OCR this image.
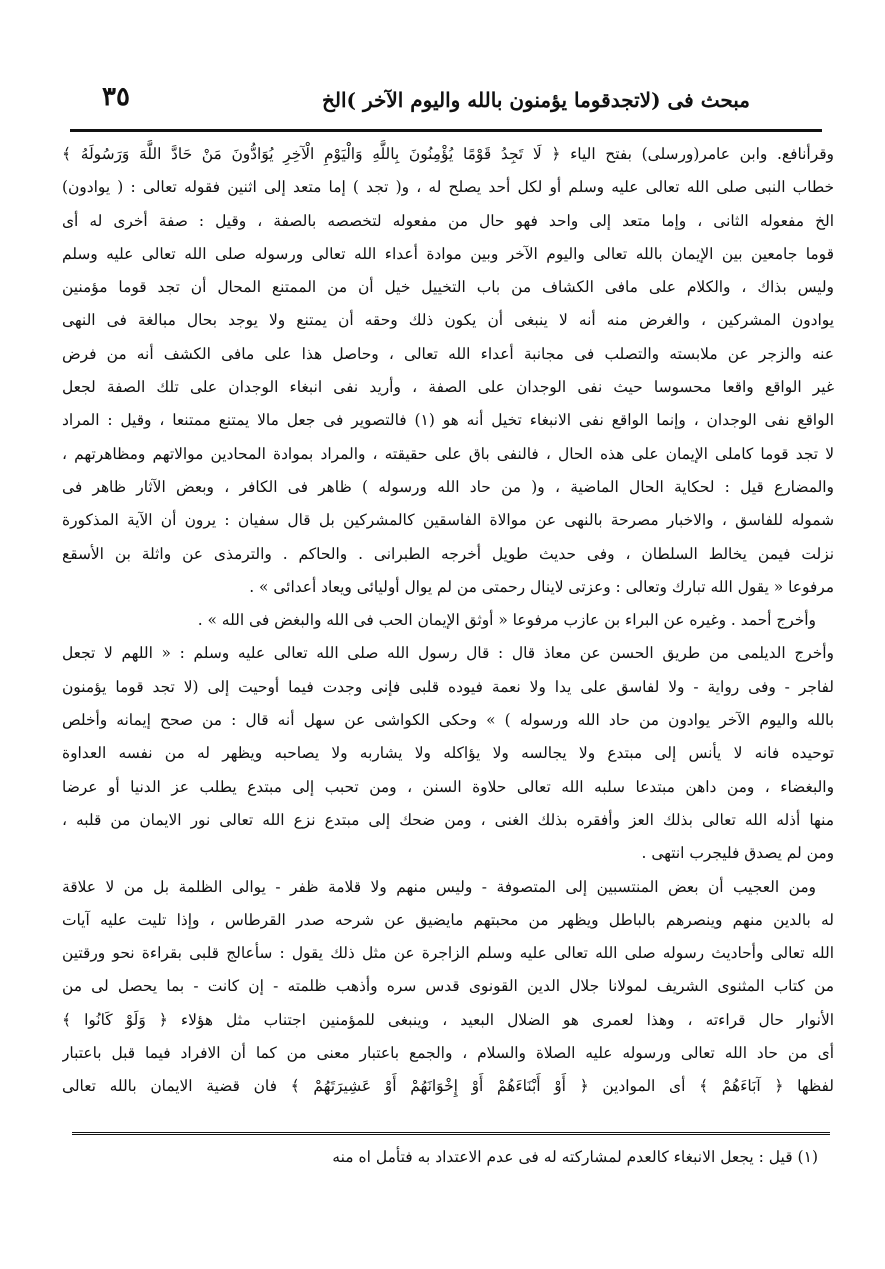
مبحث فى (لاتجدقوما يؤمنون بالله واليوم الآخر )الخ
٣٥
وقرأنافع. وابن عامر(ورسلى) بفتح الياء ﴿ لَا تَجِدُ قَوْمًا يُؤْمِنُونَ بِاللَّهِ وَالْيَوْمِ الْآخِرِ يُوَادُّونَ مَنْ حَادَّ اللَّهَ وَرَسُولَهُ ﴾
خطاب النبى صلى الله تعالى عليه وسلم أو لكل أحد يصلح له ، و( تجد ) إما متعد إلى اثنين فقوله تعالى : ( يوادون)
الخ مفعوله الثانى ، وإما متعد إلى واحد فهو حال من مفعوله لتخصصه بالصفة ، وقيل : صفة أخرى له أى
قوما جامعين بين الإيمان بالله تعالى واليوم الآخر وبين موادة أعداء الله تعالى ورسوله صلى الله تعالى عليه وسلم
وليس بذاك ، والكلام على مافى الكشاف من باب التخييل خيل أن من الممتنع المحال أن تجد قوما مؤمنين
يوادون المشركين ، والغرض منه أنه لا ينبغى أن يكون ذلك وحقه أن يمتنع ولا يوجد بحال مبالغة فى النهى
عنه والزجر عن ملابسته والتصلب فى مجانبة أعداء الله تعالى ، وحاصل هذا على مافى الكشف أنه من فرض
غير الواقع واقعا محسوسا حيث نفى الوجدان على الصفة ، وأريد نفى انبغاء الوجدان على تلك الصفة لجعل
الواقع نفى الوجدان ، وإنما الواقع نفى الانبغاء تخيل أنه هو (١) فالتصوير فى جعل مالا يمتنع ممتنعا ، وقيل : المراد
لا تجد قوما كاملى الإيمان على هذه الحال ، فالنفى باق على حقيقته ، والمراد بموادة المحادين موالاتهم ومظاهرتهم ،
والمضارع قيل : لحكاية الحال الماضية ، و( من حاد الله ورسوله ) ظاهر فى الكافر ، وبعض الآثار ظاهر فى
شموله للفاسق ، والاخبار مصرحة بالنهى عن موالاة الفاسقين كالمشركين بل قال سفيان : يرون أن الآية المذكورة
نزلت فيمن يخالط السلطان ، وفى حديث طويل أخرجه الطبرانى . والحاكم . والترمذى عن واثلة بن الأسقع
مرفوعا « يقول الله تبارك وتعالى : وعزتى لاينال رحمتى من لم يوال أوليائى ويعاد أعدائى » .
وأخرج أحمد . وغيره عن البراء بن عازب مرفوعا « أوثق الإيمان الحب فى الله والبغض فى الله » .
وأخرج الديلمى من طريق الحسن عن معاذ قال : قال رسول الله صلى الله تعالى عليه وسلم : « اللهم لا تجعل
لفاجر - وفى رواية - ولا لفاسق على يدا ولا نعمة فيوده قلبى فإنى وجدت فيما أوحيت إلى (لا تجد قوما يؤمنون
بالله واليوم الآخر يوادون من حاد الله ورسوله ) » وحكى الكواشى عن سهل أنه قال : من صحح إيمانه وأخلص
توحيده فانه لا يأنس إلى مبتدع ولا يجالسه ولا يؤاكله ولا يشاربه ولا يصاحبه ويظهر له من نفسه العداوة
والبغضاء ، ومن داهن مبتدعا سلبه الله تعالى حلاوة السنن ، ومن تحبب إلى مبتدع يطلب عز الدنيا أو عرضا
منها أذله الله تعالى بذلك العز وأفقره بذلك الغنى ، ومن ضحك إلى مبتدع نزع الله تعالى نور الايمان من قلبه ،
ومن لم يصدق فليجرب انتهى .
ومن العجيب أن بعض المنتسبين إلى المتصوفة - وليس منهم ولا قلامة ظفر - يوالى الظلمة بل من لا علاقة
له بالدين منهم وينصرهم بالباطل ويظهر من محبتهم مايضيق عن شرحه صدر القرطاس ، وإذا تليت عليه آيات
الله تعالى وأحاديث رسوله صلى الله تعالى عليه وسلم الزاجرة عن مثل ذلك يقول : سأعالج قلبى بقراءة نحو ورقتين
من كتاب المثنوى الشريف لمولانا جلال الدين القونوى قدس سره وأذهب ظلمته - إن كانت - بما يحصل لى من
الأنوار حال قراءته ، وهذا لعمرى هو الضلال البعيد ، وينبغى للمؤمنين اجتناب مثل هؤلاء ﴿ وَلَوْ كَانُوا ﴾
أى من حاد الله تعالى ورسوله عليه الصلاة والسلام ، والجمع باعتبار معنى من كما أن الافراد فيما قبل باعتبار
لفظها ﴿ آبَاءَهُمْ ﴾ أى الموادين ﴿ أَوْ أَبْنَاءَهُمْ أَوْ إِخْوَانَهُمْ أَوْ عَشِيرَتَهُمْ ﴾ فان قضية الايمان بالله تعالى
(١) قيل : يجعل الانبغاء كالعدم لمشاركته له فى عدم الاعتداد به فتأمل اه منه
